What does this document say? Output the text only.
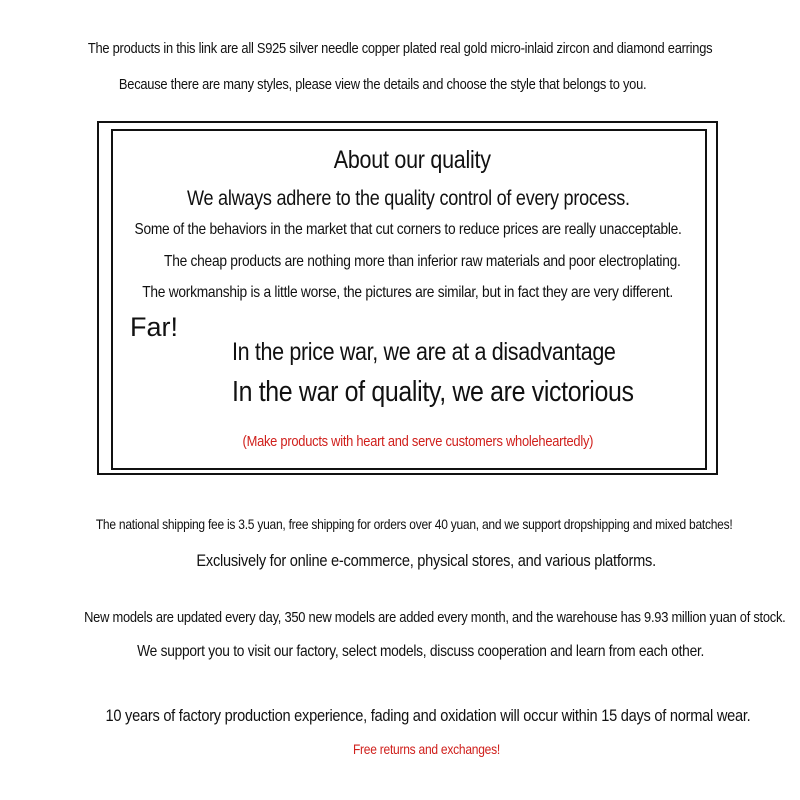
The products in this link are all S925 silver needle copper plated real gold micro-inlaid zircon and diamond earrings
Because there are many styles, please view the details and choose the style that belongs to you.
About our quality
We always adhere to the quality control of every process.
Some of the behaviors in the market that cut corners to reduce prices are really unacceptable.
The cheap products are nothing more than inferior raw materials and poor electroplating.
The workmanship is a little worse, the pictures are similar, but in fact they are very different.
Far!
In the price war, we are at a disadvantage
In the war of quality, we are victorious
(Make products with heart and serve customers wholeheartedly)
The national shipping fee is 3.5 yuan, free shipping for orders over 40 yuan, and we support dropshipping and mixed batches!
Exclusively for online e-commerce, physical stores, and various platforms.
New models are updated every day, 350 new models are added every month, and the warehouse has 9.93 million yuan of stock.
We support you to visit our factory, select models, discuss cooperation and learn from each other.
10 years of factory production experience, fading and oxidation will occur within 15 days of normal wear.
Free returns and exchanges!
